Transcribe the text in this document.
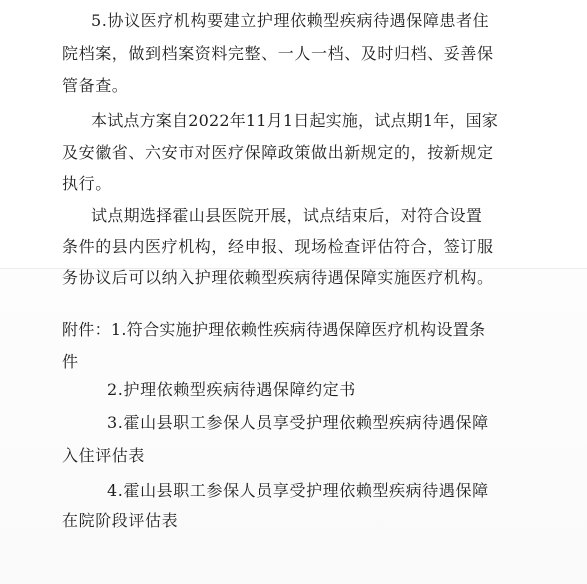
5.协议医疗机构要建立护理依赖型疾病待遇保障患者住
院档案，做到档案资料完整、一人一档、及时归档、妥善保
管备查。
本试点方案自2022年11月1日起实施，试点期1年，国家
及安徽省、六安市对医疗保障政策做出新规定的，按新规定
执行。
试点期选择霍山县医院开展，试点结束后，对符合设置
条件的县内医疗机构，经申报、现场检查评估符合，签订服
务协议后可以纳入护理依赖型疾病待遇保障实施医疗机构。
附件：1.符合实施护理依赖性疾病待遇保障医疗机构设置条
件
2.护理依赖型疾病待遇保障约定书
3.霍山县职工参保人员享受护理依赖型疾病待遇保障
入住评估表
4.霍山县职工参保人员享受护理依赖型疾病待遇保障
在院阶段评估表
